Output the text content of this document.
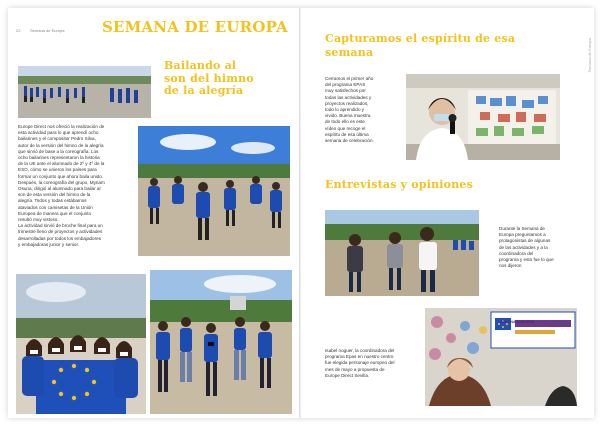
22 Semana de Europa	SEMANA DE EUROPA
Bailando al
son del himno
de la alegría
Europe Direct nos ofreció la realización de
esta actividad para lo que aprendí ocho
bailarines y el compositor Pedro Silva,
autor de la versión del himno de la alegría
que sirvió de base a la coreografía. Los
ocho bailarines representaron la historia
de la UE ante el alumnado de 2º y 4º de la
ESO, cómo se unieron los países para
formar un conjunto que ahora baila unido.
Después, la coreografía del grupo, Myriam
Osuna, dirigió al alumnado para bailar al
son de esta versión del himno de la
alegría. Todos y todas estábamos
ataviados con camisetas de la Unión
Europea de manera que el conjunto
resultó muy vistoso.
La actividad sirvió de broche final para un
trimestre lleno de proyectos y actividades
desarrolladas por todos los embajadores
y embajadoras junior y senior.
Semana de Europa
Capturamos el espíritu de esa
semana
Cerramos el primer año
del programa EPAS
muy satisfechos por
todas las actividades y
proyectos realizados,
todo lo aprendido y
vivido. Buena muestra
de todo ello es este
vídeo que recoge el
espíritu de esa última
semana de celebración.
Entrevistas y opiniones
Durante la Semana de
Europa preguntamos a
protagonistas de algunas
de las actividades y a la
coordinadora del
programa y esto fue lo que
nos dijeron
Isabel noguer, la coordinadora del
programa Epas en nuestro centro
fue elegida personaje europeo del
mes de mayo a propuesta de
Europe Direct Sevilla.
SEMANA EUROPEA
